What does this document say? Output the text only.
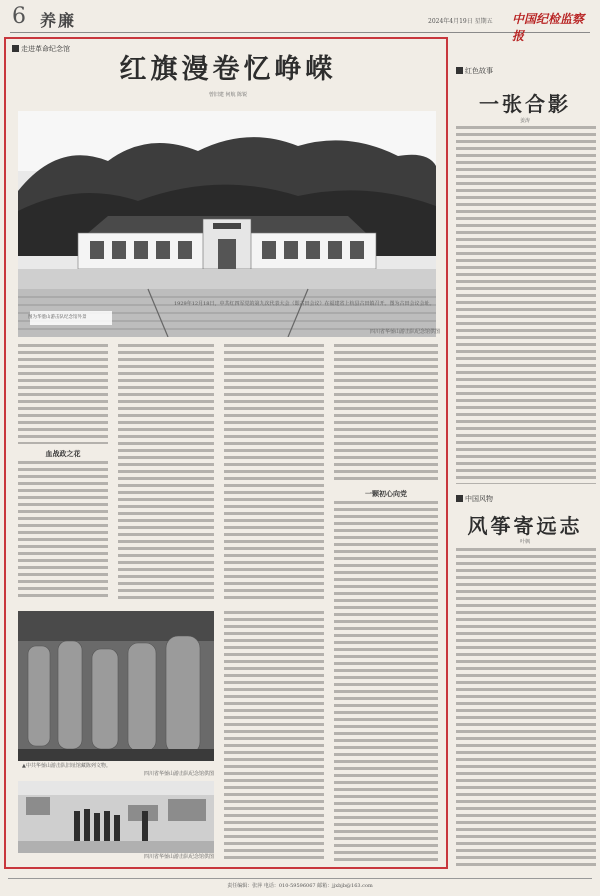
6 养廉	2024年4月19日 星期五 中国纪检监察报
走进革命纪念馆
红旗漫卷忆峥嵘
曾旧建 何航 陈锐
图为华蓥山游击队纪念馆外景
1929年12月18日，中共红四军党的第九次代表大会（即古田会议）在福建省上杭县古田镇召开。图为古田会议会址。
四川省华蓥山游击队纪念馆供图
血战政之花
一颗初心向党
▲中共华蓥山游击队旧址馆藏陈列文物。
四川省华蓥山游击队纪念馆供图
四川省华蓥山游击队纪念馆供图
红色故事
一张合影
姜涛
中国风物
风筝寄远志
叶枫
责任编辑：张萍 电话：010-59596067 邮箱：jjxbjb@163.com
